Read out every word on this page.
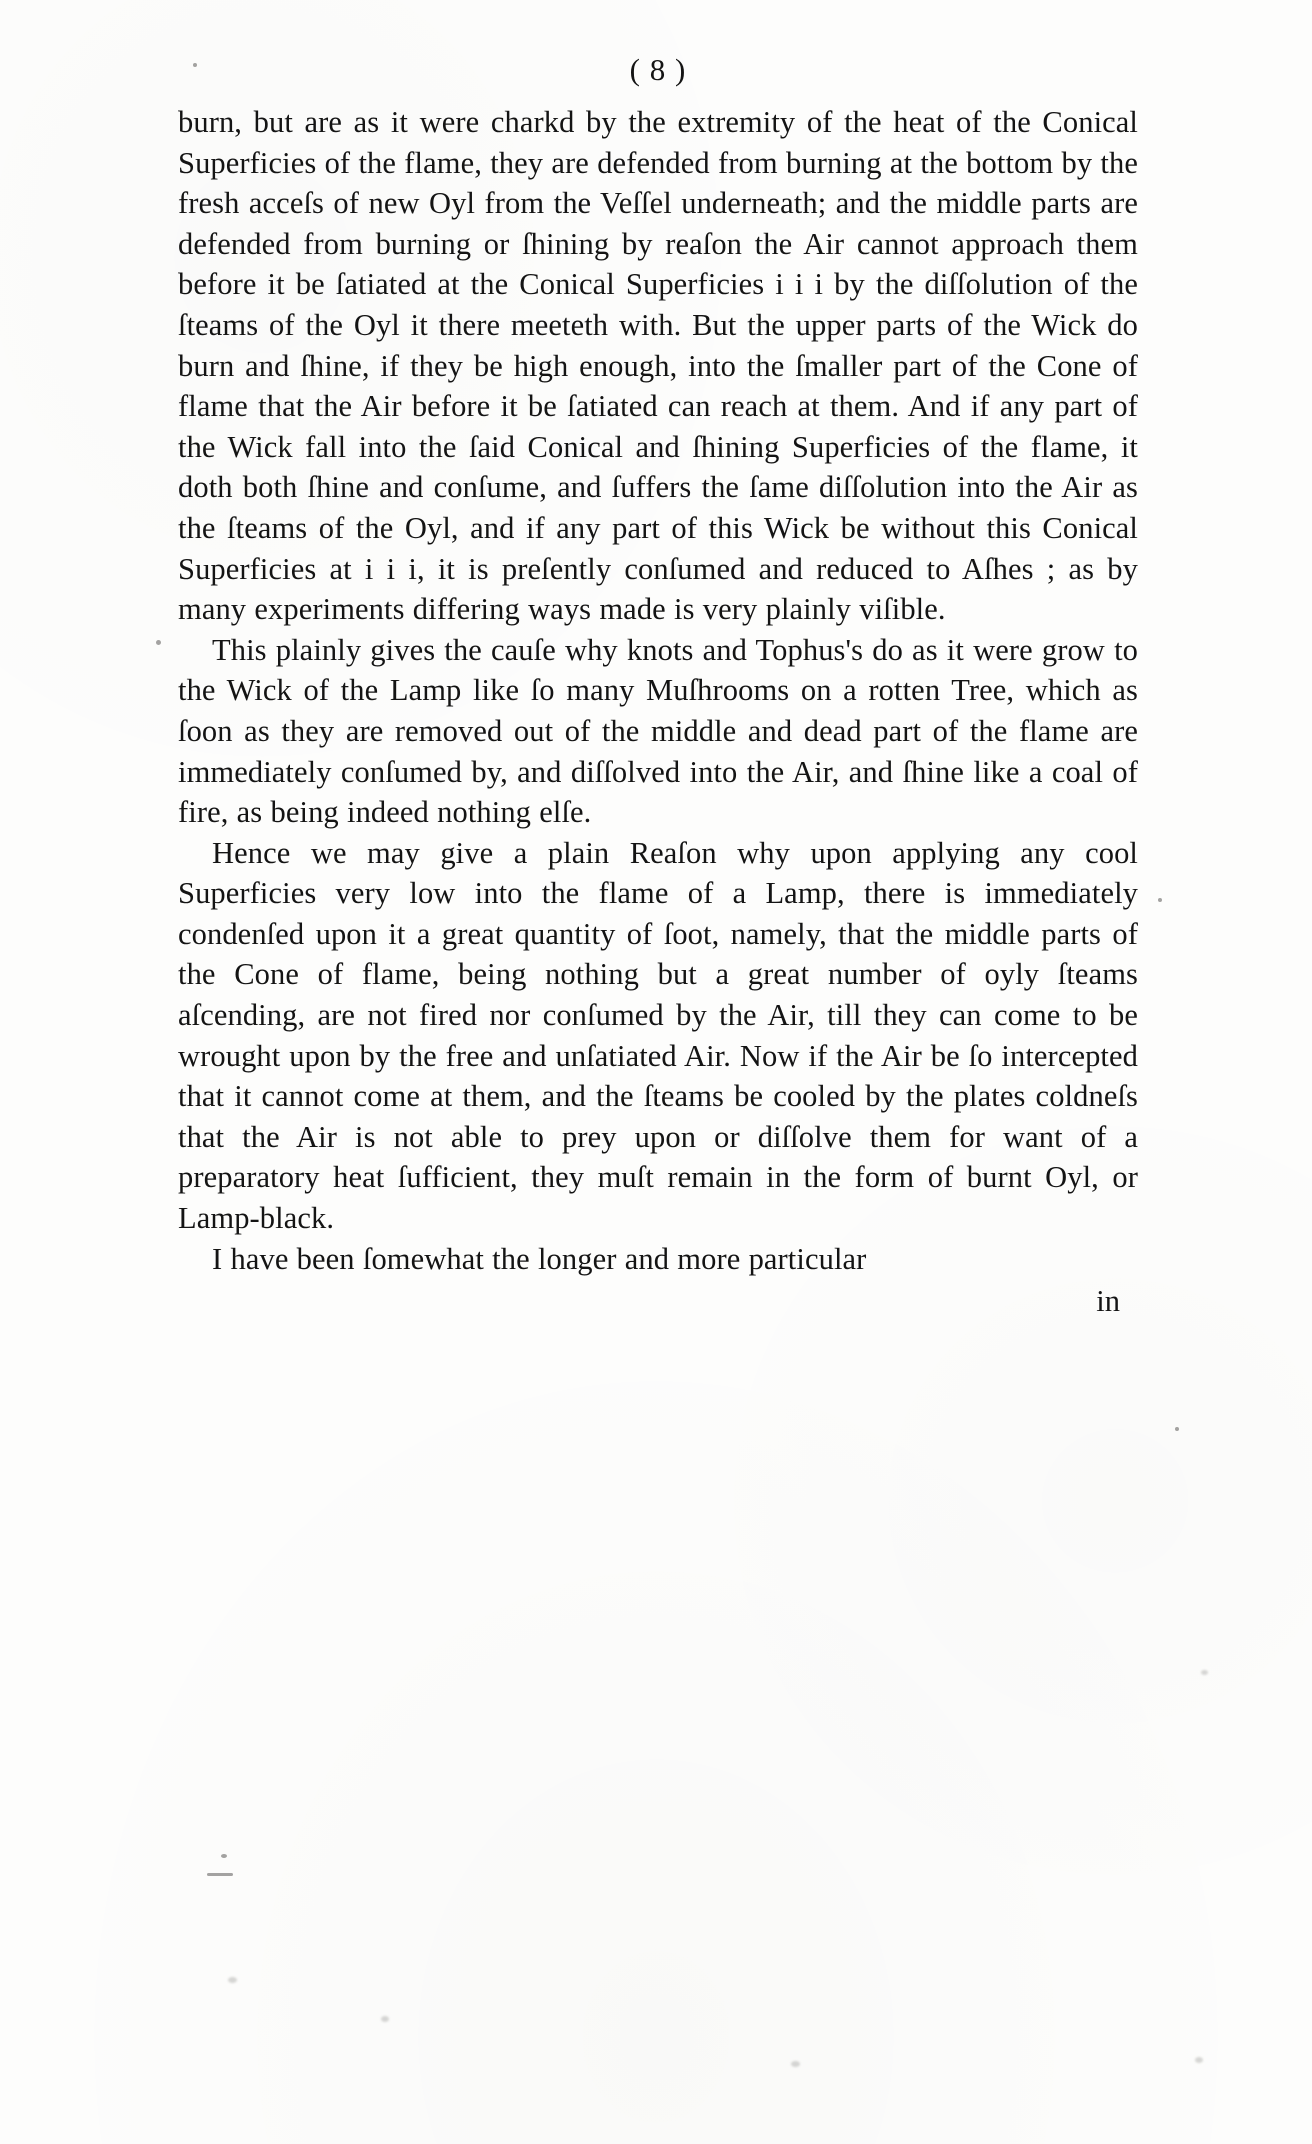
( 8 )

burn, but are as it were charkd by the extremity of the heat of the Conical Superficies of the flame, they are defended from burning at the bottom by the fresh acceſs of new Oyl from the Veſſel underneath; and the middle parts are defended from burning or ſhining by reaſon the Air cannot approach them before it be ſatiated at the Conical Superficies i i i by the diſſolution of the ſteams of the Oyl it there meeteth with. But the upper parts of the Wick do burn and ſhine, if they be high enough, into the ſmaller part of the Cone of flame that the Air before it be ſatiated can reach at them. And if any part of the Wick fall into the ſaid Conical and ſhining Superficies of the flame, it doth both ſhine and conſume, and ſuffers the ſame diſſolution into the Air as the ſteams of the Oyl, and if any part of this Wick be without this Conical Superficies at i i i, it is preſently conſumed and reduced to Aſhes ; as by many experiments differing ways made is very plainly viſible.

This plainly gives the cauſe why knots and Tophus's do as it were grow to the Wick of the Lamp like ſo many Muſhrooms on a rotten Tree, which as ſoon as they are removed out of the middle and dead part of the flame are immediately conſumed by, and diſſolved into the Air, and ſhine like a coal of fire, as being indeed nothing elſe.

Hence we may give a plain Reaſon why upon applying any cool Superficies very low into the flame of a Lamp, there is immediately condenſed upon it a great quantity of ſoot, namely, that the middle parts of the Cone of flame, being nothing but a great number of oyly ſteams aſcending, are not fired nor conſumed by the Air, till they can come to be wrought upon by the free and unſatiated Air. Now if the Air be ſo intercepted that it cannot come at them, and the ſteams be cooled by the plates coldneſs that the Air is not able to prey upon or diſſolve them for want of a preparatory heat ſufficient, they muſt remain in the form of burnt Oyl, or Lamp-black.

I have been ſomewhat the longer and more particular

in
